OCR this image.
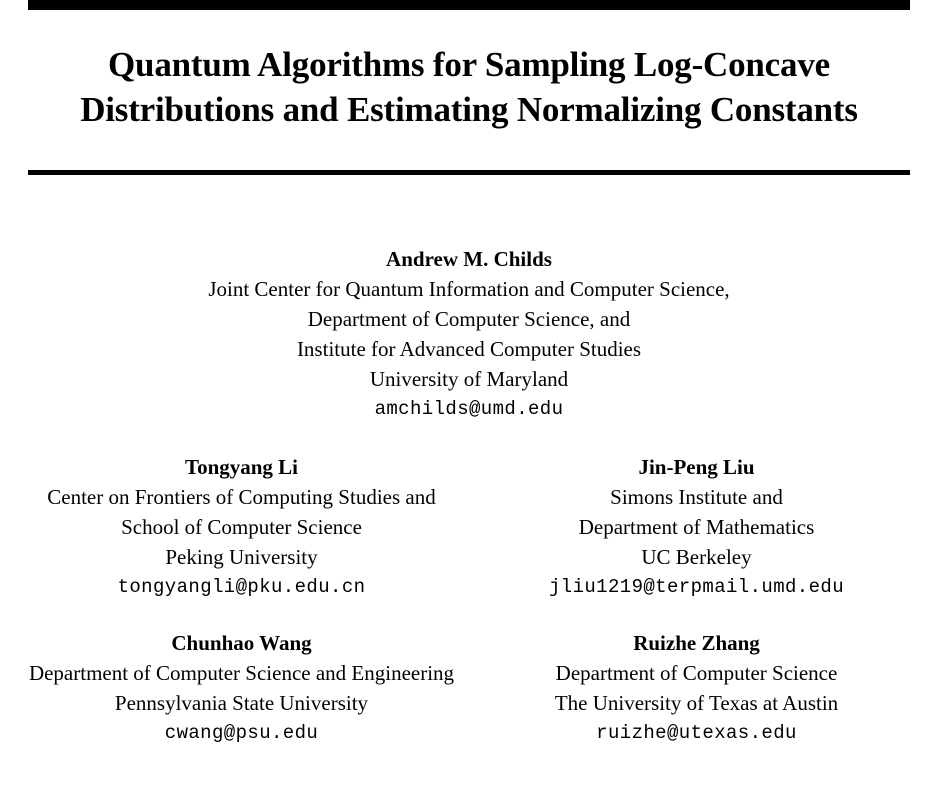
Quantum Algorithms for Sampling Log-Concave
Distributions and Estimating Normalizing Constants
Andrew M. Childs
Joint Center for Quantum Information and Computer Science,
Department of Computer Science, and
Institute for Advanced Computer Studies
University of Maryland
amchilds@umd.edu
Tongyang Li
Center on Frontiers of Computing Studies and
School of Computer Science
Peking University
tongyangli@pku.edu.cn
Jin-Peng Liu
Simons Institute and
Department of Mathematics
UC Berkeley
jliu1219@terpmail.umd.edu
Chunhao Wang
Department of Computer Science and Engineering
Pennsylvania State University
cwang@psu.edu
Ruizhe Zhang
Department of Computer Science
The University of Texas at Austin
ruizhe@utexas.edu
